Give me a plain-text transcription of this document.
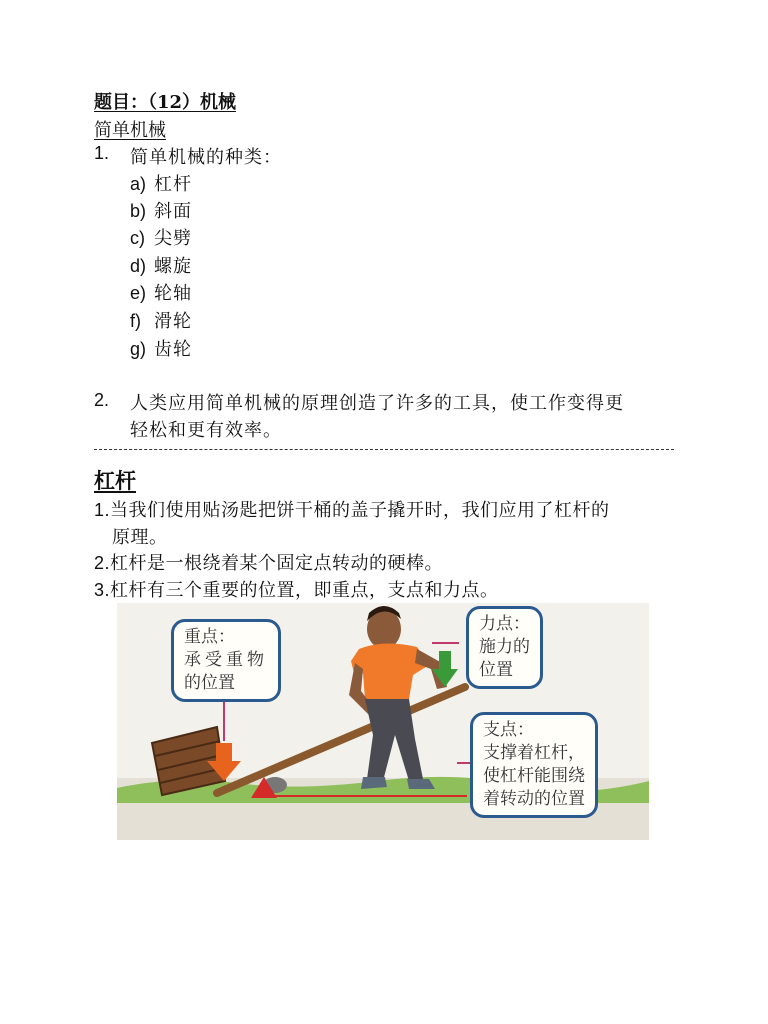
题目：（12）机械
简单机械
1. 简单机械的种类：
a) 杠杆
b) 斜面
c) 尖劈
d) 螺旋
e) 轮轴
f) 滑轮
g) 齿轮
2. 人类应用简单机械的原理创造了许多的工具，使工作变得更
轻松和更有效率。
杠杆
1.当我们使用贴汤匙把饼干桶的盖子撬开时，我们应用了杠杆的
原理。
2.杠杆是一根绕着某个固定点转动的硬棒。
3.杠杆有三个重要的位置，即重点，支点和力点。
重点：
承受重物
的位置
力点：
施力的
位置
支点：
支撑着杠杆，
使杠杆能围绕
着转动的位置
